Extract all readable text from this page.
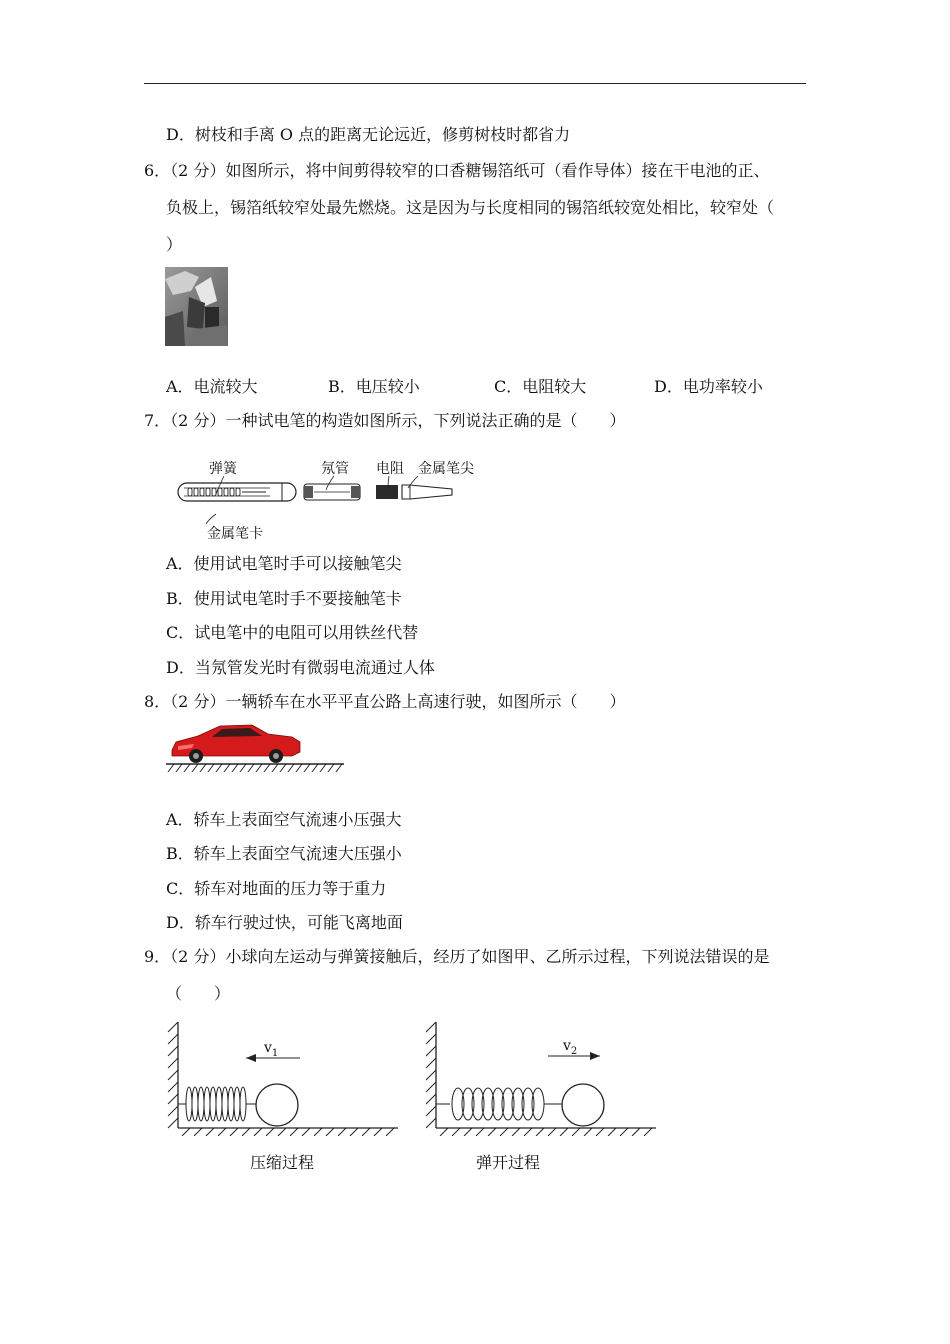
D．树枝和手离 O 点的距离无论远近，修剪树枝时都省力
6．（2 分）如图所示，将中间剪得较窄的口香糖锡箔纸可（看作导体）接在干电池的正、
负极上，锡箔纸较窄处最先燃烧。这是因为与长度相同的锡箔纸较宽处相比，较窄处（
）
A．电流较大	B．电压较小	C．电阻较大	D．电功率较小
7．（2 分）一种试电笔的构造如图所示，下列说法正确的是（　　）
弹簧	氖管 电阻 金属笔尖
金属笔卡
A．使用试电笔时手可以接触笔尖
B．使用试电笔时手不要接触笔卡
C．试电笔中的电阻可以用铁丝代替
D．当氖管发光时有微弱电流通过人体
8．（2 分）一辆轿车在水平平直公路上高速行驶，如图所示（　　）
A．轿车上表面空气流速小压强大
B．轿车上表面空气流速大压强小
C．轿车对地面的压力等于重力
D．轿车行驶过快，可能飞离地面
9．（2 分）小球向左运动与弹簧接触后，经历了如图甲、乙所示过程，下列说法错误的是
（　　）
$v_1$
压缩过程
$v_2$
弹开过程
